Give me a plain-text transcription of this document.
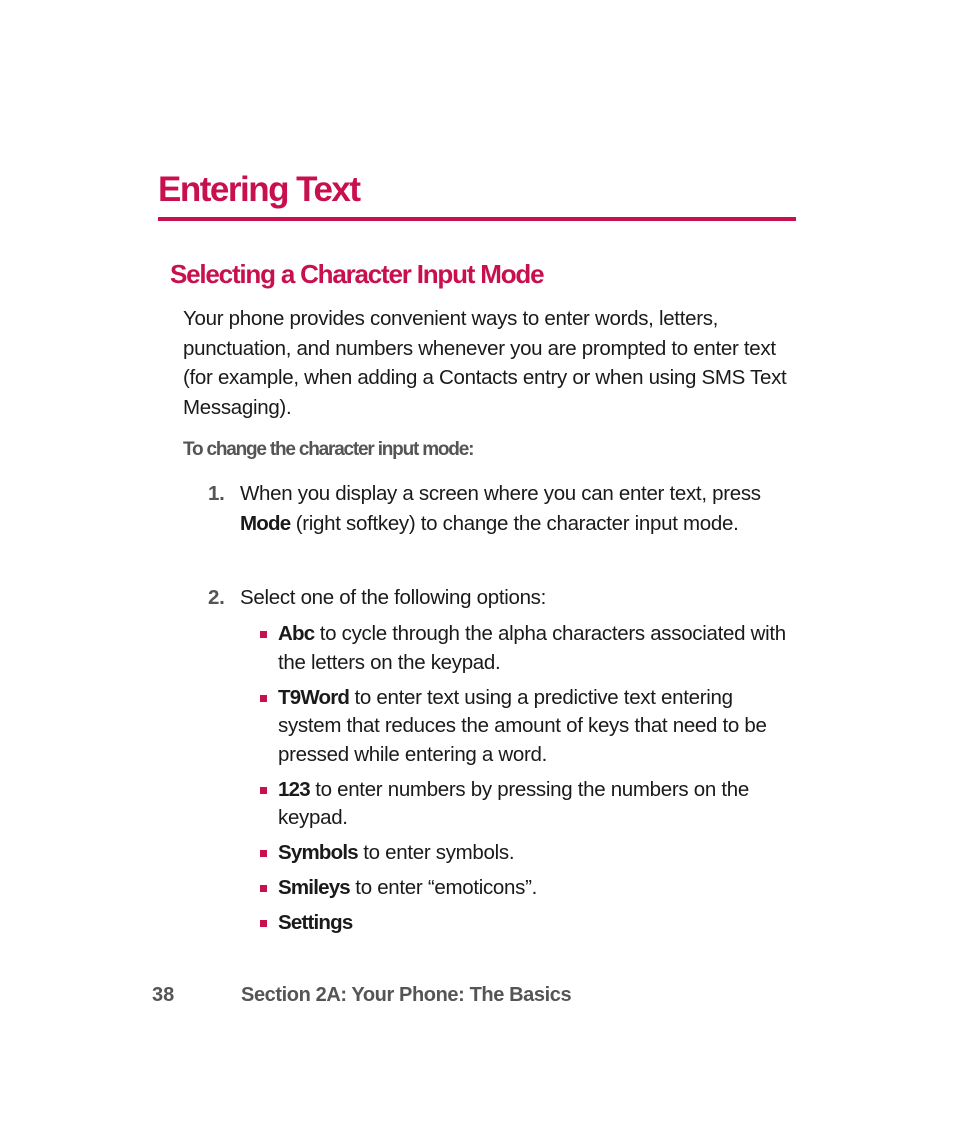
Entering Text
Selecting a Character Input Mode

Your phone provides convenient ways to enter words, letters, punctuation, and numbers whenever you are prompted to enter text (for example, when adding a Contacts entry or when using SMS Text Messaging).

To change the character input mode:

1. When you display a screen where you can enter text, press Mode (right softkey) to change the character input mode.
2. Select one of the following options:
Abc to cycle through the alpha characters associated with the letters on the keypad.
T9Word to enter text using a predictive text entering system that reduces the amount of keys that need to be pressed while entering a word.
123 to enter numbers by pressing the numbers on the keypad.
Symbols to enter symbols.
Smileys to enter “emoticons”.
Settings
38	Section 2A: Your Phone: The Basics
